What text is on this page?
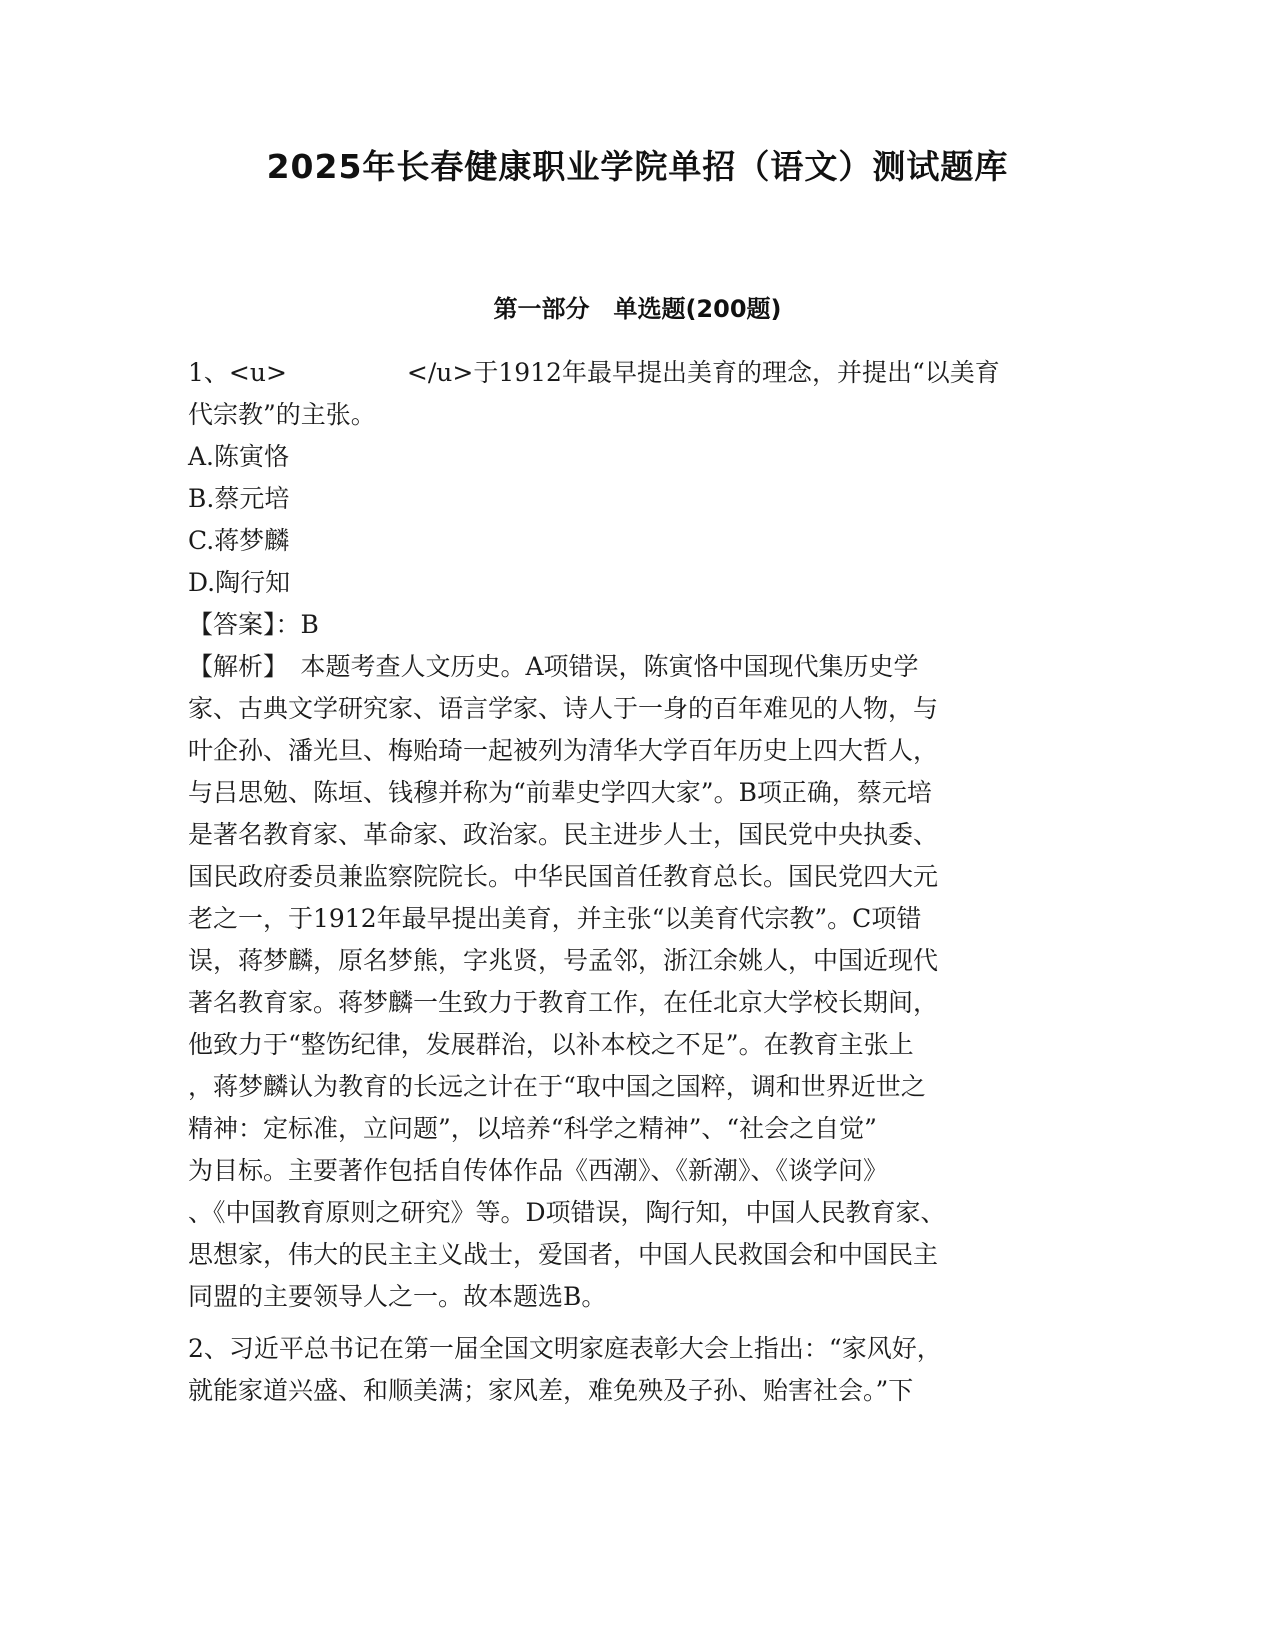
2025年长春健康职业学院单招（语文）测试题库
第一部分　单选题(200题)
1、<u>	</u>于1912年最早提出美育的理念，并提出“以美育
代宗教”的主张。
A.陈寅恪
B.蔡元培
C.蒋梦麟
D.陶行知
【答案】：B
【解析】　本题考查人文历史。A项错误，陈寅恪中国现代集历史学
家、古典文学研究家、语言学家、诗人于一身的百年难见的人物，与
叶企孙、潘光旦、梅贻琦一起被列为清华大学百年历史上四大哲人，
与吕思勉、陈垣、钱穆并称为“前辈史学四大家”。B项正确，蔡元培
是著名教育家、革命家、政治家。民主进步人士，国民党中央执委、
国民政府委员兼监察院院长。中华民国首任教育总长。国民党四大元
老之一，于1912年最早提出美育，并主张“以美育代宗教”。C项错
误，蒋梦麟，原名梦熊，字兆贤，号孟邻，浙江余姚人，中国近现代
著名教育家。蒋梦麟一生致力于教育工作，在任北京大学校长期间，
他致力于“整饬纪律，发展群治，以补本校之不足”。在教育主张上
，蒋梦麟认为教育的长远之计在于“取中国之国粹，调和世界近世之
精神：定标准，立问题”，以培养“科学之精神”、“社会之自觉”
为目标。主要著作包括自传体作品《西潮》、《新潮》、《谈学问》
、《中国教育原则之研究》等。D项错误，陶行知，中国人民教育家、
思想家，伟大的民主主义战士，爱国者，中国人民救国会和中国民主
同盟的主要领导人之一。故本题选B。
2、习近平总书记在第一届全国文明家庭表彰大会上指出：“家风好，
就能家道兴盛、和顺美满；家风差，难免殃及子孙、贻害社会。”下
